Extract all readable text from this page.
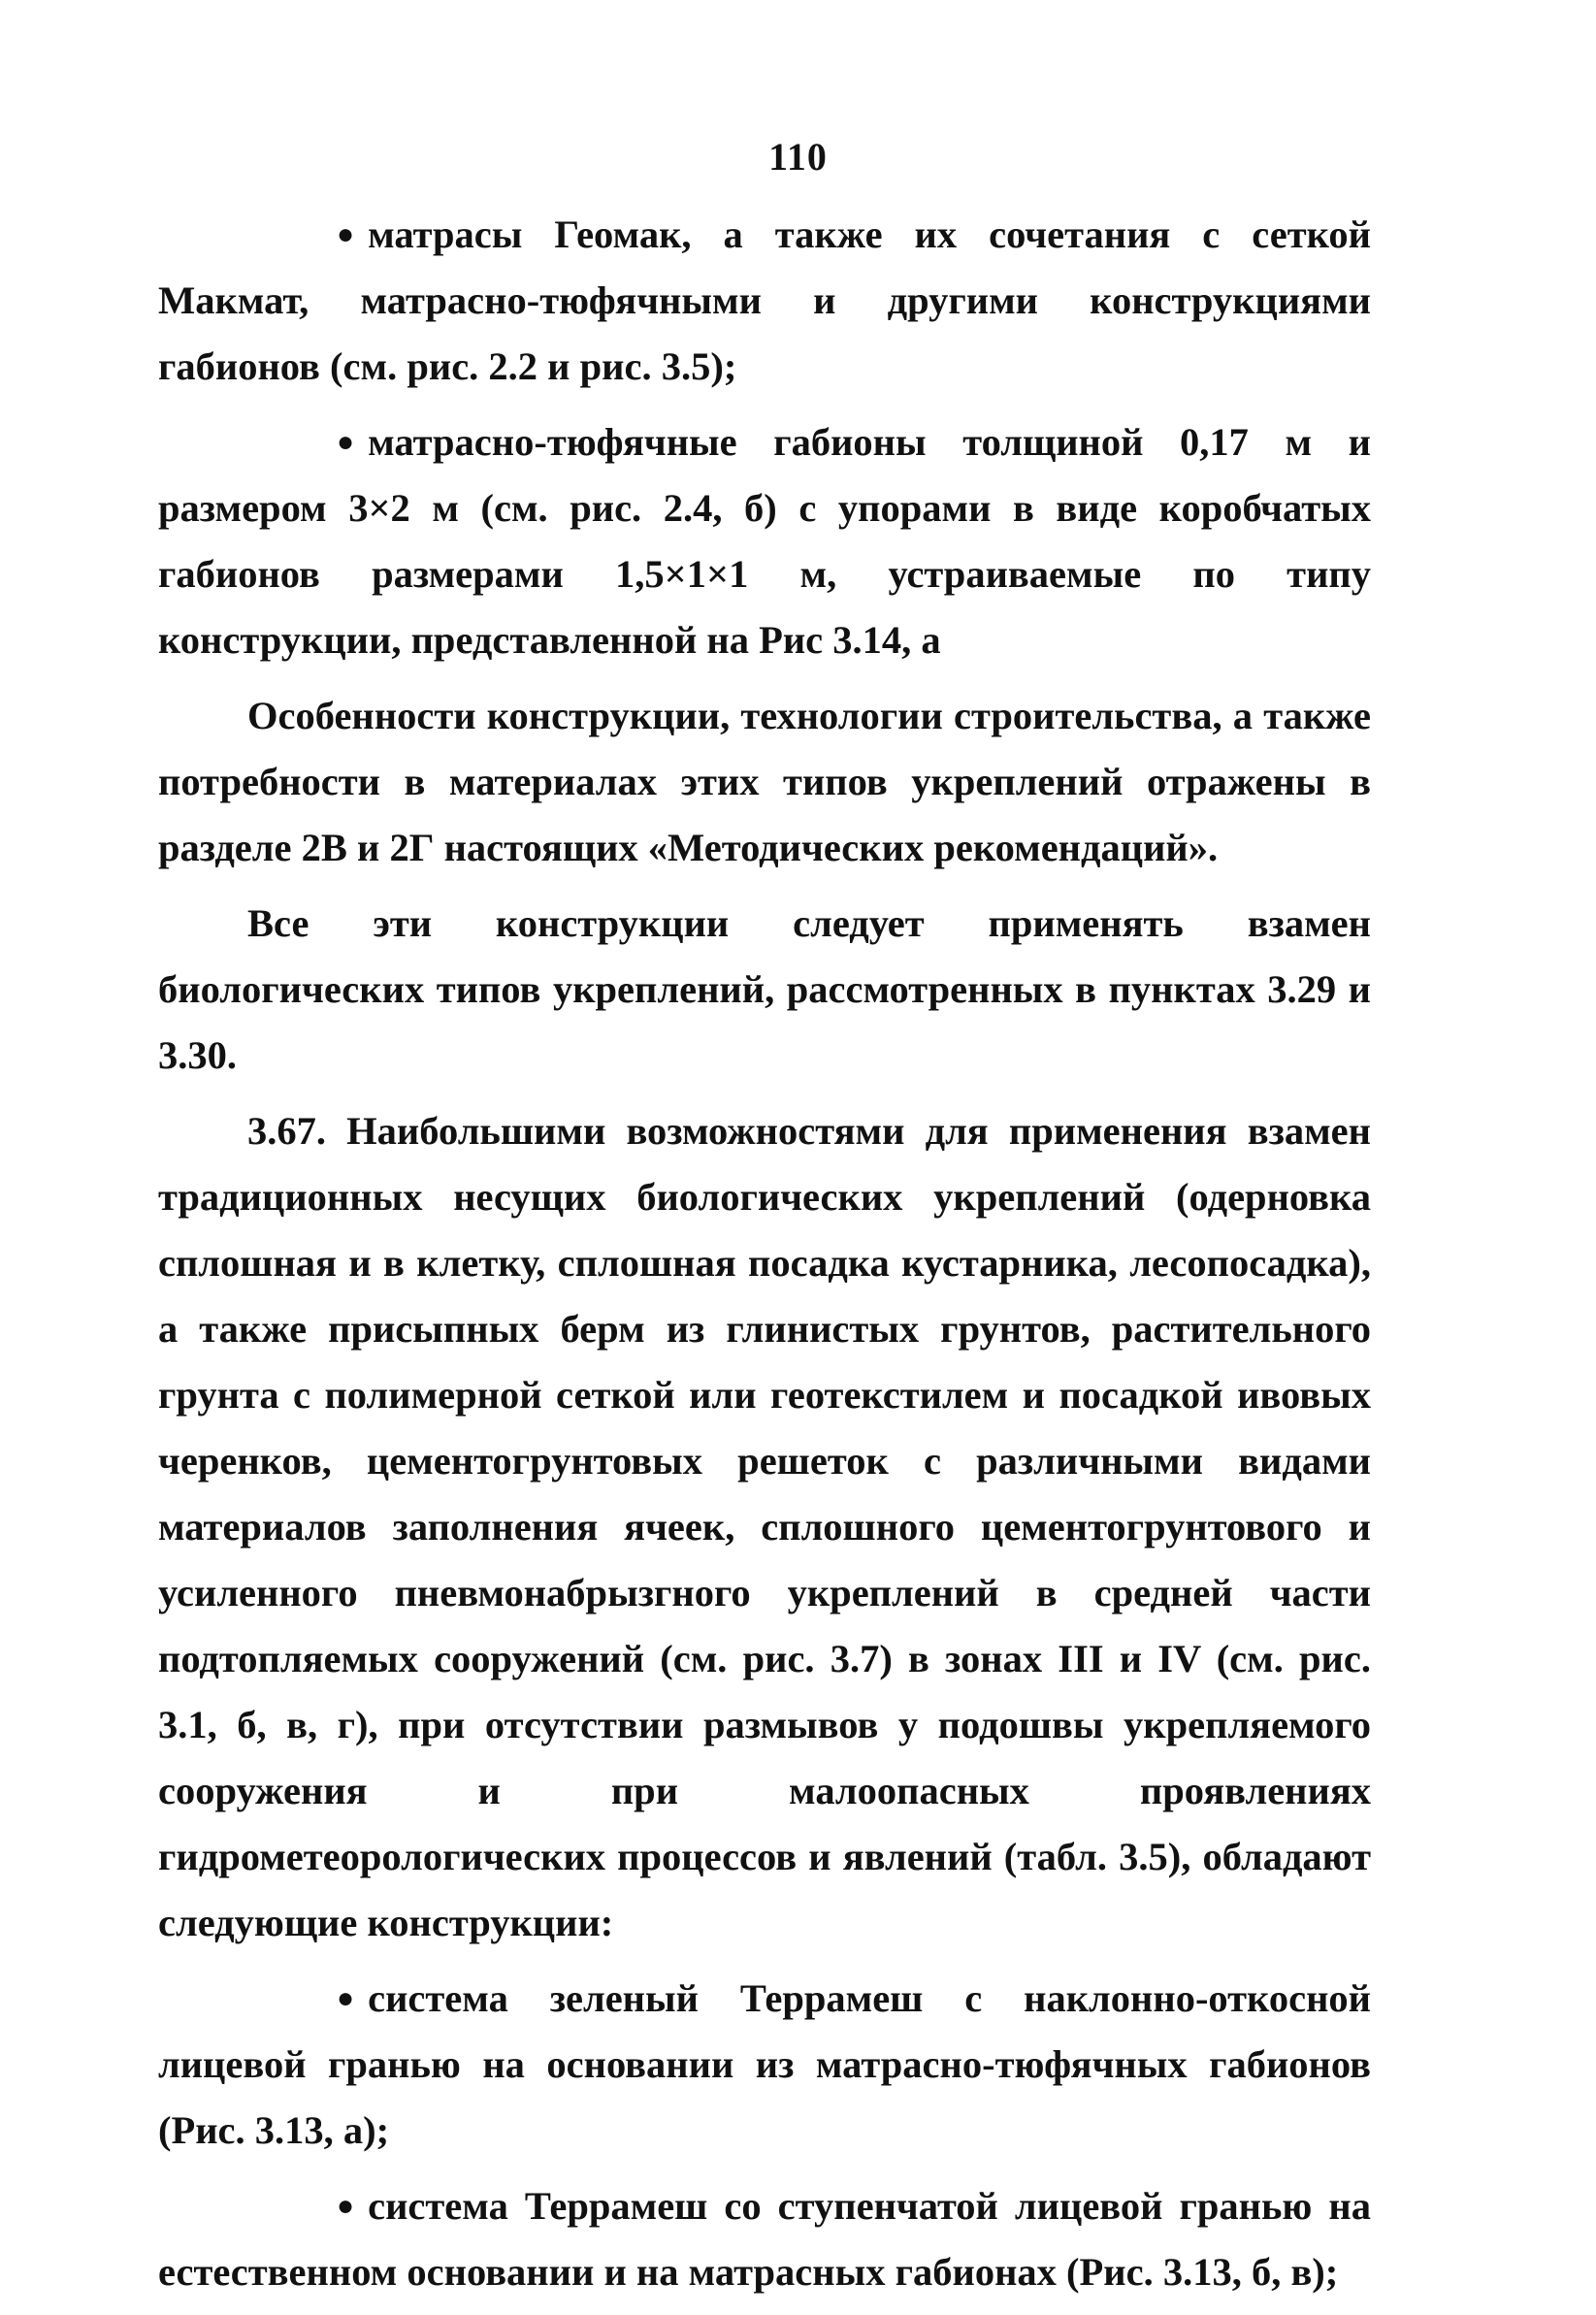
110

● матрасы Геомак, а также их сочетания с сеткой Макмат, матрасно-тюфячными и другими конструкциями габионов (см. рис. 2.2 и рис. 3.5);

● матрасно-тюфячные габионы толщиной 0,17 м и размером 3×2 м (см. рис. 2.4, б) с упорами в виде коробчатых габионов размерами 1,5×1×1 м, устраиваемые по типу конструкции, представленной на Рис 3.14, а

Особенности конструкции, технологии строительства, а также потребности в материалах этих типов укреплений отражены в разделе 2В и 2Г настоящих «Методических рекомендаций».

Все эти конструкции следует применять взамен биологических типов укреплений, рассмотренных в пунктах 3.29 и 3.30.

3.67. Наибольшими возможностями для применения взамен традиционных несущих биологических укреплений (одерновка сплошная и в клетку, сплошная посадка кустарника, лесопосадка), а также присыпных берм из глинистых грунтов, растительного грунта с полимерной сеткой или геотекстилем и посадкой ивовых черенков, цементогрунтовых решеток с различными видами материалов заполнения ячеек, сплошного цементогрунтового и усиленного пневмонабрызгного укреплений в средней части подтопляемых сооружений (см. рис. 3.7) в зонах III и IV (см. рис. 3.1, б, в, г), при отсутствии размывов у подошвы укрепляемого сооружения и при малоопасных проявлениях гидрометеорологических процессов и явлений (табл. 3.5), обладают следующие конструкции:

● система зеленый Террамеш с наклонно-откосной лицевой гранью на основании из матрасно-тюфячных габионов (Рис. 3.13, а);

● система Террамеш со ступенчатой лицевой гранью на естественном основании и на матрасных габионах (Рис. 3.13, б, в);
